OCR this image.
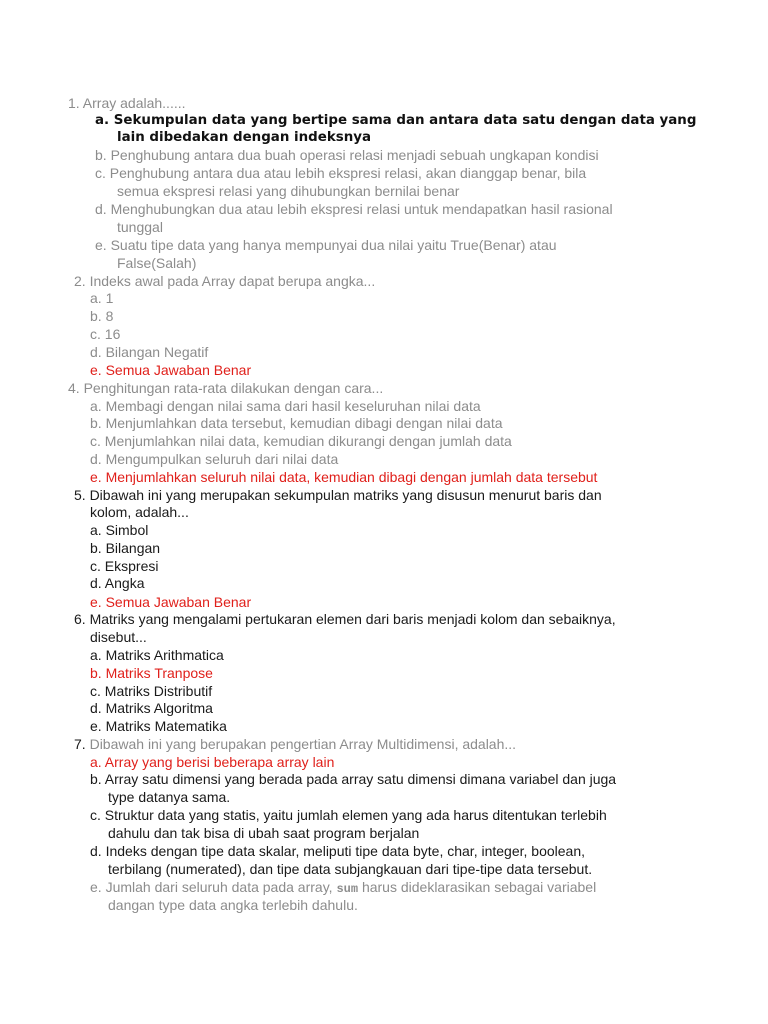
1. Array adalah......
a. Sekumpulan data yang bertipe sama dan antara data satu dengan data yang
lain dibedakan dengan indeksnya
b. Penghubung antara dua buah operasi relasi menjadi sebuah ungkapan kondisi
c. Penghubung antara dua atau lebih ekspresi relasi, akan dianggap benar, bila
semua ekspresi relasi yang dihubungkan bernilai benar
d. Menghubungkan dua atau lebih ekspresi relasi untuk mendapatkan hasil rasional
tunggal
e. Suatu tipe data yang hanya mempunyai dua nilai yaitu True(Benar) atau
False(Salah)
2. Indeks awal pada Array dapat berupa angka...
a. 1
b. 8
c. 16
d. Bilangan Negatif
e. Semua Jawaban Benar
4. Penghitungan rata-rata dilakukan dengan cara...
a. Membagi dengan nilai sama dari hasil keseluruhan nilai data
b. Menjumlahkan data tersebut, kemudian dibagi dengan nilai data
c. Menjumlahkan nilai data, kemudian dikurangi dengan jumlah data
d. Mengumpulkan seluruh dari nilai data
e. Menjumlahkan seluruh nilai data, kemudian dibagi dengan jumlah data tersebut
5. Dibawah ini yang merupakan sekumpulan matriks yang disusun menurut baris dan
kolom, adalah...
a. Simbol
b. Bilangan
c. Ekspresi
d. Angka
e. Semua Jawaban Benar
6. Matriks yang mengalami pertukaran elemen dari baris menjadi kolom dan sebaiknya,
disebut...
a. Matriks Arithmatica
b. Matriks Tranpose
c. Matriks Distributif
d. Matriks Algoritma
e. Matriks Matematika
7. Dibawah ini yang berupakan pengertian Array Multidimensi, adalah...
a. Array yang berisi beberapa array lain
b. Array satu dimensi yang berada pada array satu dimensi dimana variabel dan juga
type datanya sama.
c. Struktur data yang statis, yaitu jumlah elemen yang ada harus ditentukan terlebih
dahulu dan tak bisa di ubah saat program berjalan
d. Indeks dengan tipe data skalar, meliputi tipe data byte, char, integer, boolean,
terbilang (numerated), dan tipe data subjangkauan dari tipe-tipe data tersebut.
e. Jumlah dari seluruh data pada array, sum harus dideklarasikan sebagai variabel
dangan type data angka terlebih dahulu.
